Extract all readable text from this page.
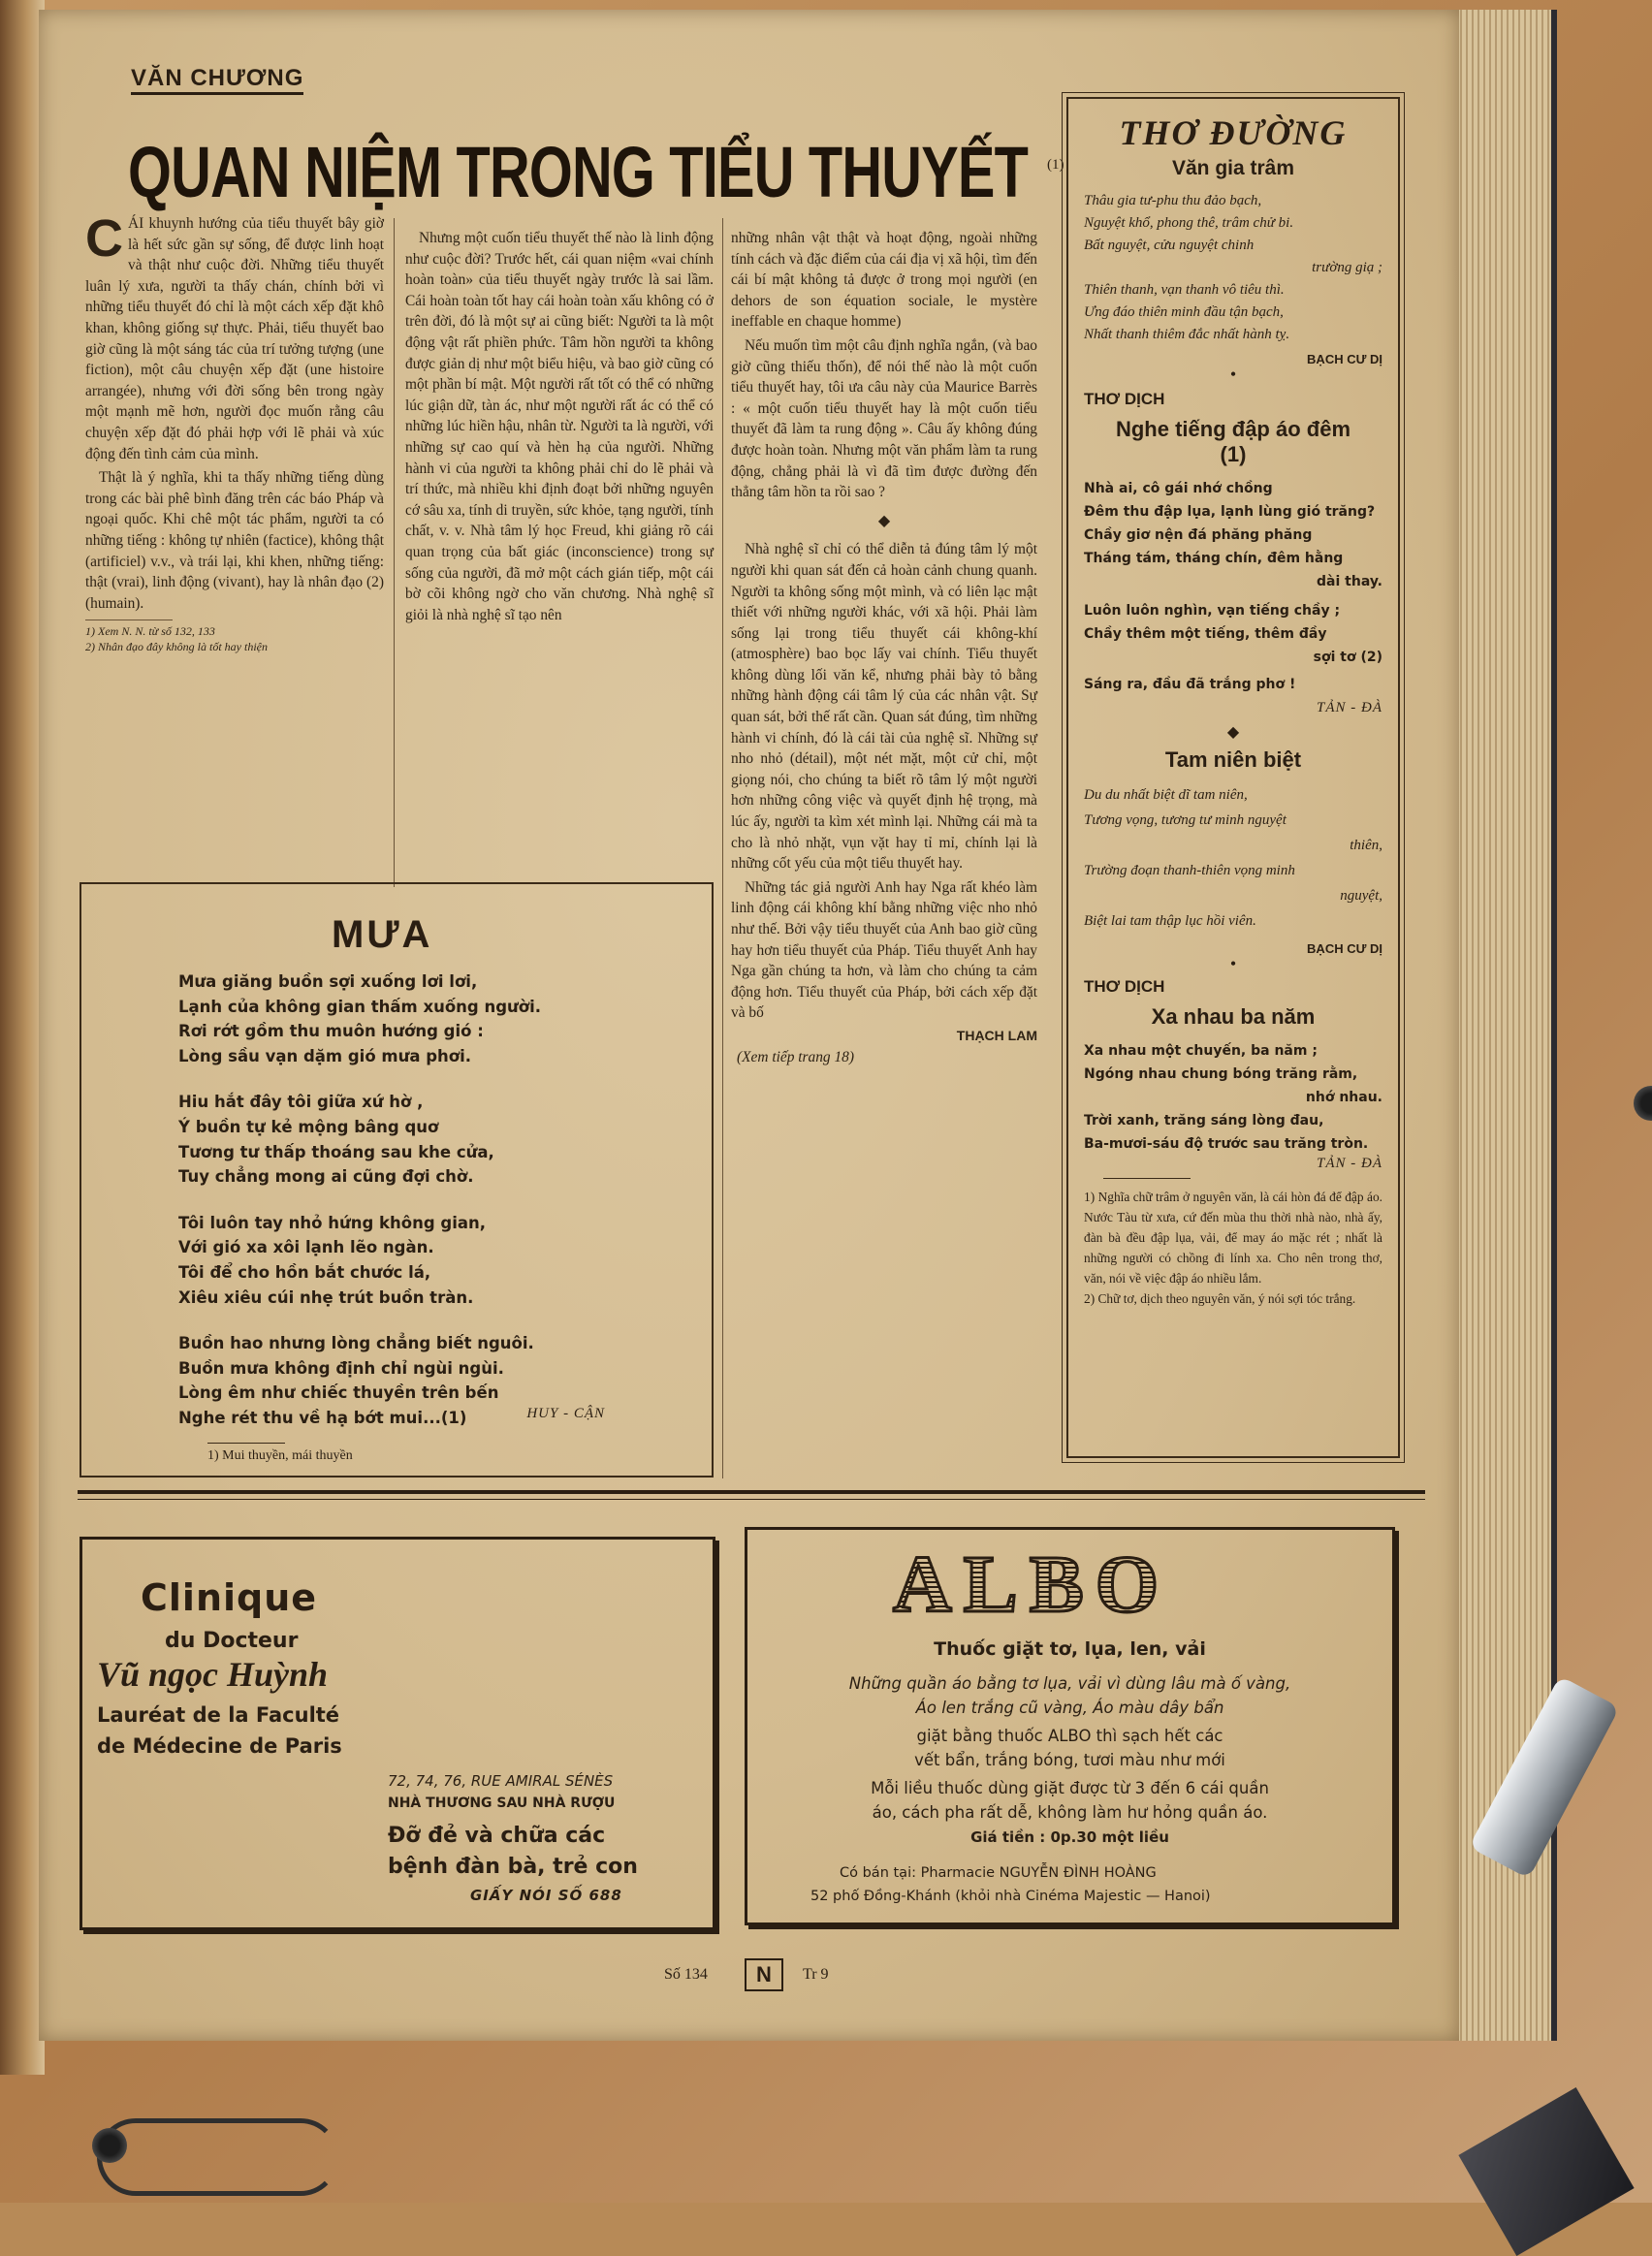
VĂN CHƯƠNG
QUAN NIỆM TRONG TIỂU THUYẾT (1)

CÁI khuynh hướng của tiểu thuyết bây giờ là hết sức gần sự sống, để được linh hoạt và thật như cuộc đời. Những tiểu thuyết luân lý xưa, người ta thấy chán, chính bởi vì những tiểu thuyết đó chỉ là một cách xếp đặt khô khan, không giống sự thực. Phải, tiểu thuyết bao giờ cũng là một sáng tác của trí tưởng tượng (une fiction), một câu chuyện xếp đặt (une histoire arrangée), nhưng với đời sống bên trong ngày một mạnh mẽ hơn, người đọc muốn rằng câu chuyện xếp đặt đó phải hợp với lẽ phải và xúc động đến tình cảm của mình.

Thật là ý nghĩa, khi ta thấy những tiếng dùng trong các bài phê bình đăng trên các báo Pháp và ngoại quốc. Khi chê một tác phẩm, người ta có những tiếng : không tự nhiên (factice), không thật (artificiel) v.v., và trái lại, khi khen, những tiếng: thật (vrai), linh động (vivant), hay là nhân đạo (2) (humain).

1) Xem N. N. từ số 132, 133
2) Nhân đạo đây không là tốt hay thiện

Nhưng một cuốn tiểu thuyết thế nào là linh động như cuộc đời? Trước hết, cái quan niệm «vai chính hoàn toàn» của tiểu thuyết ngày trước là sai lầm. Cái hoàn toàn tốt hay cái hoàn toàn xấu không có ở trên đời, đó là một sự ai cũng biết: Người ta là một động vật rất phiền phức. Tâm hồn người ta không được giản dị như một biểu hiệu, và bao giờ cũng có một phần bí mật. Một người rất tốt có thể có những lúc giận dữ, tàn ác, như một người rất ác có thể có những lúc hiền hậu, nhân từ. Người ta là người, với những sự cao quí và hèn hạ của người. Những hành vi của người ta không phải chỉ do lẽ phải và trí thức, mà nhiều khi định đoạt bởi những nguyên cớ sâu xa, tính di truyền, sức khỏe, tạng người, tính chất, v. v. Nhà tâm lý học Freud, khi giảng rõ cái quan trọng của bất giác (inconscience) trong sự sống của người, đã mở một cách gián tiếp, một cái bờ cõi không ngờ cho văn chương. Nhà nghệ sĩ giỏi là nhà nghệ sĩ tạo nên

những nhân vật thật và hoạt động, ngoài những tính cách và đặc điểm của cái địa vị xã hội, tìm đến cái bí mật không tả được ở trong mọi người (en dehors de son équation sociale, le mystère ineffable en chaque homme)

Nếu muốn tìm một câu định nghĩa ngắn, (và bao giờ cũng thiếu thốn), để nói thế nào là một cuốn tiểu thuyết hay, tôi ưa câu này của Maurice Barrès : « một cuốn tiểu thuyết hay là một cuốn tiểu thuyết đã làm ta rung động ». Câu ấy không đúng được hoàn toàn. Nhưng một văn phẩm làm ta rung động, chẳng phải là vì đã tìm được đường đến thẳng tâm hồn ta rồi sao ?

◆

Nhà nghệ sĩ chỉ có thể diễn tả đúng tâm lý một người khi quan sát đến cả hoàn cảnh chung quanh. Người ta không sống một mình, và có liên lạc mật thiết với những người khác, với xã hội. Phải làm sống lại trong tiểu thuyết cái không-khí (atmosphère) bao bọc lấy vai chính. Tiểu thuyết không dùng lối văn kể, nhưng phải bày tỏ bằng những hành động cái tâm lý của các nhân vật. Sự quan sát, bởi thế rất cần. Quan sát đúng, tìm những hành vi chính, đó là cái tài của nghệ sĩ. Những sự nho nhỏ (détail), một nét mặt, một cử chỉ, một giọng nói, cho chúng ta biết rõ tâm lý một người hơn những công việc và quyết định hệ trọng, mà lúc ấy, người ta kìm xét mình lại. Những cái mà ta cho là nhỏ nhặt, vụn vặt hay tỉ mỉ, chính lại là những cốt yếu của một tiểu thuyết hay.

Những tác giả người Anh hay Nga rất khéo làm linh động cái không khí bằng những việc nho nhỏ như thế. Bởi vậy tiểu thuyết của Anh bao giờ cũng hay hơn tiểu thuyết của Pháp. Tiểu thuyết Anh hay Nga gần chúng ta hơn, và làm cho chúng ta cảm động hơn. Tiểu thuyết của Pháp, bởi cách xếp đặt và bố

THẠCH LAM
(Xem tiếp trang 18)
MƯA
Mưa giăng buồn sợi xuống lơi lơi,
Lạnh của không gian thấm xuống người.
Rơi rớt gồm thu muôn hướng gió :
Lòng sầu vạn dặm gió mưa phơi.
Hiu hắt đây tôi giữa xứ hờ ,
Ý buồn tự kẻ mộng bâng quơ
Tương tư thấp thoáng sau khe cửa,
Tuy chẳng mong ai cũng đợi chờ.
Tôi luôn tay nhỏ hứng không gian,
Với gió xa xôi lạnh lẽo ngàn.
Tôi để cho hồn bắt chước lá,
Xiêu xiêu cúi nhẹ trút buồn tràn.
Buồn hao nhưng lòng chẳng biết nguôi.
Buồn mưa không định chỉ ngùi ngùi.
Lòng êm như chiếc thuyền trên bến
Nghe rét thu về hạ bớt mui...(1)	HUY - CẬN
1) Mui thuyền, mái thuyền
THƠ ĐƯỜNG
Văn gia trâm
Thâu gia tư-phu thu đảo bạch,
Nguyệt khổ, phong thê, trâm chử bi.
Bất nguyệt, cửu nguyệt chinh
trường giạ ;
Thiên thanh, vạn thanh vô tiêu thì.
Ưng đáo thiên minh đầu tận bạch,
Nhất thanh thiêm đắc nhất hành tỵ.
BẠCH CƯ DỊ
•
THƠ DỊCH
Nghe tiếng đập áo đêm (1)
Nhà ai, cô gái nhớ chồng
Đêm thu đập lụa, lạnh lùng gió trăng?
Chầy giơ nện đá phăng phăng
Tháng tám, tháng chín, đêm hằng
dài thay.
Luôn luôn nghìn, vạn tiếng chầy ;
Chầy thêm một tiếng, thêm đầy
sợi tơ (2)
Sáng ra, đầu đã trắng phơ !
TẢN - ĐÀ
◆
Tam niên biệt
Du du nhất biệt dĩ tam niên,
Tương vọng, tương tư minh nguyệt
thiên,
Trường đoạn thanh-thiên vọng minh
nguyệt,
Biệt lai tam thập lục hồi viên.
BẠCH CƯ DỊ
•
THƠ DỊCH
Xa nhau ba năm
Xa nhau một chuyến, ba năm ;
Ngóng nhau chung bóng trăng rằm,
nhớ nhau.
Trời xanh, trăng sáng lòng đau,
Ba-mươi-sáu độ trước sau trăng tròn.
TẢN - ĐÀ
1) Nghĩa chữ trâm ở nguyên văn, là cái hòn đá để đập áo. Nước Tàu từ xưa, cứ đến mùa thu thời nhà nào, nhà ấy, đàn bà đều đập lụa, vải, để may áo mặc rét ; nhất là những người có chồng đi lính xa. Cho nên trong thơ, văn, nói về việc đập áo nhiều lắm.
2) Chữ tơ, dịch theo nguyên văn, ý nói sợi tóc trắng.
Clinique
du Docteur
Vũ ngọc Huỳnh
Lauréat de la Faculté
de Médecine de Paris
72, 74, 76, RUE AMIRAL SÉNÈS
NHÀ THƯƠNG SAU NHÀ RƯỢU
Đỡ đẻ và chữa các
bệnh đàn bà, trẻ con
GIẤY NÓI SỐ 688
ALBO
Thuốc giặt tơ, lụa, len, vải
Những quần áo bằng tơ lụa, vải vì dùng lâu mà ố vàng,
Áo len trắng cũ vàng, Áo màu dây bẩn
giặt bằng thuốc ALBO thì sạch hết các
vết bẩn, trắng bóng, tươi màu như mới
Mỗi liều thuốc dùng giặt được từ 3 đến 6 cái quần
áo, cách pha rất dễ, không làm hư hỏng quần áo.
Giá tiền : 0p.30 một liều
Có bán tại: Pharmacie NGUYỄN ĐÌNH HOÀNG
52 phố Đồng-Khánh (khỏi nhà Cinéma Majestic — Hanoi)
Số 134	N	Tr 9
